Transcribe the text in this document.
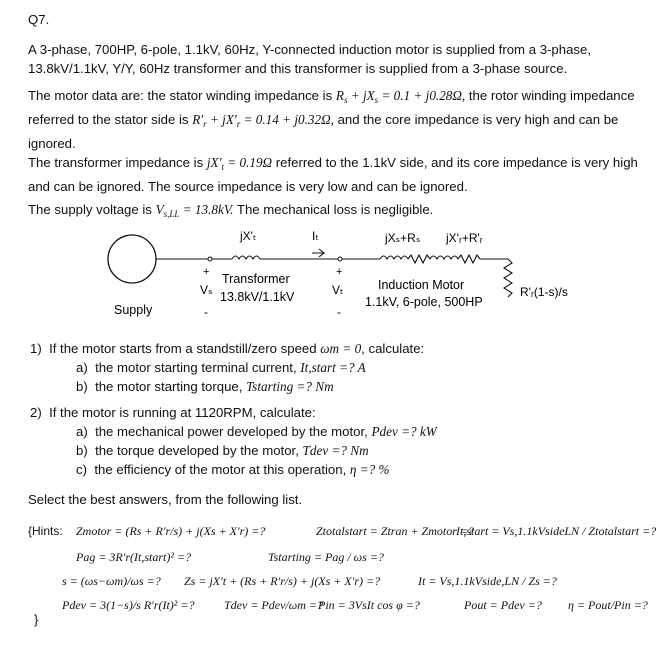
Q7.
A 3-phase, 700HP, 6-pole, 1.1kV, 60Hz, Y-connected induction motor is supplied from a 3-phase, 13.8kV/1.1kV, Y/Y, 60Hz transformer and this transformer is supplied from a 3-phase source.
The motor data are: the stator winding impedance is $R_s + jX_s = 0.1 + j0.28\Omega$, the rotor winding impedance referred to the stator side is $R'_r + jX'_r = 0.14 + j0.32\Omega$, and the core impedance is very high and can be ignored.
The transformer impedance is $jX'_t = 0.19\Omega$ referred to the 1.1kV side, and its core impedance is very high and can be ignored. The source impedance is very low and can be ignored.
The supply voltage is $V_{s,LL} = 13.8kV$. The mechanical loss is negligible.
jX'ₜ	Iₜ	jXₛ+Rₛ jX'ᵣ+R'ᵣ
+	+
Vₛ	Vₜ
-	-
Transformer
13.8kV/1.1kV
Induction Motor
1.1kV, 6-pole, 500HP
R'ᵣ(1-s)/s
Supply
1) If the motor starts from a standstill/zero speed ωm = 0, calculate:
a) the motor starting terminal current, It,start =? A
b) the motor starting torque, Tstarting =? Nm
2) If the motor is running at 1120RPM, calculate:
a) the mechanical power developed by the motor, Pdev =? kW
b) the torque developed by the motor, Tdev =? Nm
c) the efficiency of the motor at this operation, η =? %
Select the best answers, from the following list.
{Hints: Zmotor = (Rs + R′r/s) + j(Xs + X′r) =?	Ztotalstart = Ztran + Zmotor =?
It,start = Vs,1.1kVsideLN / Ztotalstart =?
Pag = 3R′r(It,start)² =?	Tstarting = Pag / ωs =?
s = (ωs−ωm)/ωs =? Zs = jX′t + (Rs + R′r/s) + j(Xs + X′r) =?	It = Vs,1.1kVside,LN / Zs =?
Pdev = 3(1−s)/s R′r(It)² =? Tdev = Pdev/ωm =?
Pin = 3VsIt cos φ =?	Pout = Pdev =? η = Pout/Pin =?
}
